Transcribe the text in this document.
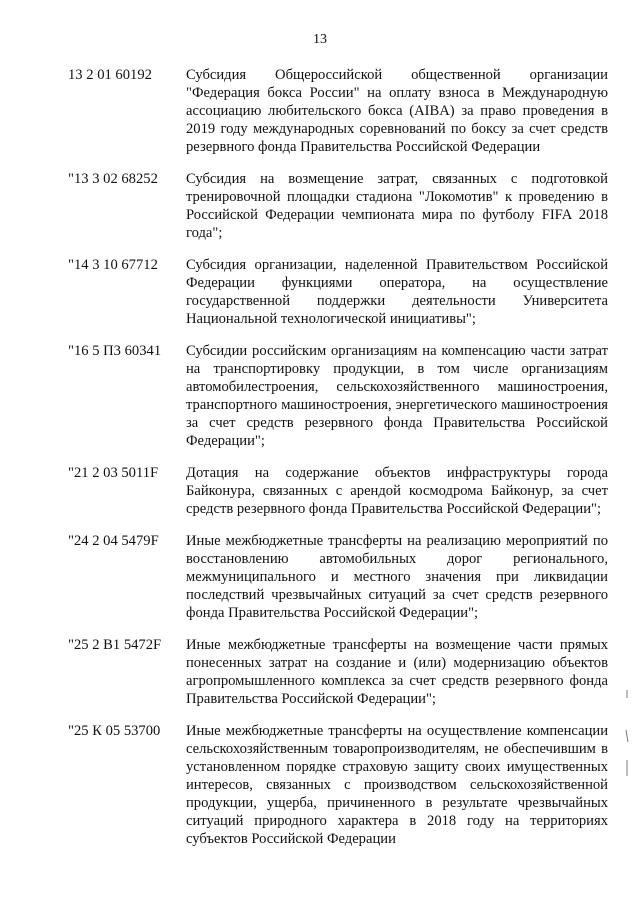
13
13 2 01 60192	Субсидия Общероссийской общественной организации "Федерация бокса России" на оплату взноса в Международную ассоциацию любительского бокса (AIBA) за право проведения в 2019 году международных соревнований по боксу за счет средств резервного фонда Правительства Российской Федерации
"13 3 02 68252	Субсидия на возмещение затрат, связанных с подготовкой тренировочной площадки стадиона "Локомотив" к проведению в Российской Федерации чемпионата мира по футболу FIFA 2018 года";
"14 3 10 67712	Субсидия организации, наделенной Правительством Российской Федерации функциями оператора, на осуществление государственной поддержки деятельности Университета Национальной технологической инициативы";
"16 5 П3 60341	Субсидии российским организациям на компенсацию части затрат на транспортировку продукции, в том числе организациям автомобилестроения, сельскохозяйственного машиностроения, транспортного машиностроения, энергетического машиностроения за счет средств резервного фонда Правительства Российской Федерации";
"21 2 03 5011F	Дотация на содержание объектов инфраструктуры города Байконура, связанных с арендой космодрома Байконур, за счет средств резервного фонда Правительства Российской Федерации";
"24 2 04 5479F	Иные межбюджетные трансферты на реализацию мероприятий по восстановлению автомобильных дорог регионального, межмуниципального и местного значения при ликвидации последствий чрезвычайных ситуаций за счет средств резервного фонда Правительства Российской Федерации";
"25 2 В1 5472F	Иные межбюджетные трансферты на возмещение части прямых понесенных затрат на создание и (или) модернизацию объектов агропромышленного комплекса за счет средств резервного фонда Правительства Российской Федерации";
"25 К 05 53700	Иные межбюджетные трансферты на осуществление компенсации сельскохозяйственным товаропроизводителям, не обеспечившим в установленном порядке страховую защиту своих имущественных интересов, связанных с производством сельскохозяйственной продукции, ущерба, причиненного в результате чрезвычайных ситуаций природного характера в 2018 году на территориях субъектов Российской Федерации
